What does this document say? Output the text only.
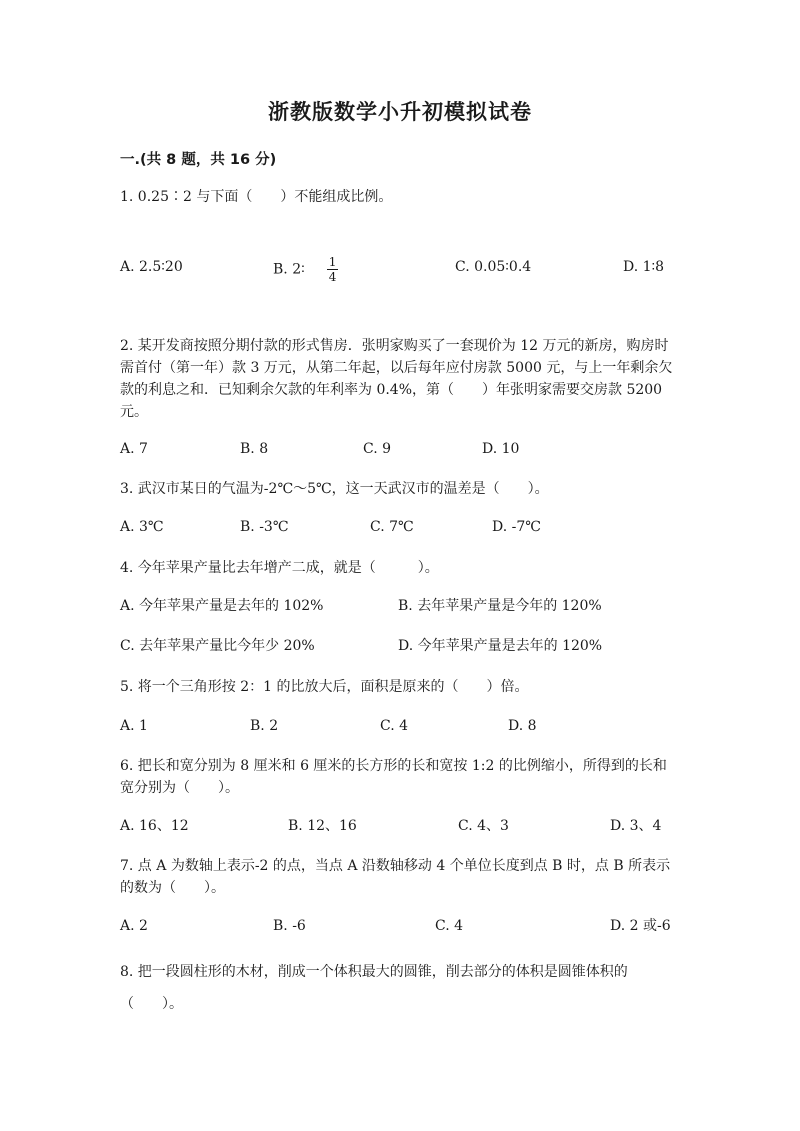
浙教版数学小升初模拟试卷
一.(共 8 题，共 16 分)
1. 0.25∶2 与下面（　　）不能组成比例。
A. 2.5∶20	B. 2∶ $\frac{1}{4}$	C. 0.05∶0.4	D. 1∶8
2. 某开发商按照分期付款的形式售房．张明家购买了一套现价为 12 万元的新房，购房时需首付（第一年）款 3 万元，从第二年起，以后每年应付房款 5000 元，与上一年剩余欠款的利息之和．已知剩余欠款的年利率为 0.4%，第（　　）年张明家需要交房款 5200 元。
A. 7	B. 8	C. 9	D. 10
3. 武汉市某日的气温为-2℃～5℃，这一天武汉市的温差是（　　）。
A. 3℃	B. -3℃	C. 7℃	D. -7℃
4. 今年苹果产量比去年增产二成，就是（　　　）。
A. 今年苹果产量是去年的 102%	B. 去年苹果产量是今年的 120%
C. 去年苹果产量比今年少 20%	D. 今年苹果产量是去年的 120%
5. 将一个三角形按 2：1 的比放大后，面积是原来的（　　）倍。
A. 1	B. 2	C. 4	D. 8
6. 把长和宽分别为 8 厘米和 6 厘米的长方形的长和宽按 1:2 的比例缩小，所得到的长和宽分别为（　　）。
A. 16、12	B. 12、16	C. 4、3	D. 3、4
7. 点 A 为数轴上表示-2 的点，当点 A 沿数轴移动 4 个单位长度到点 B 时，点 B 所表示的数为（　　）。
A. 2	B. -6	C. 4	D. 2 或-6
8. 把一段圆柱形的木材，削成一个体积最大的圆锥，削去部分的体积是圆锥体积的（　　）。
